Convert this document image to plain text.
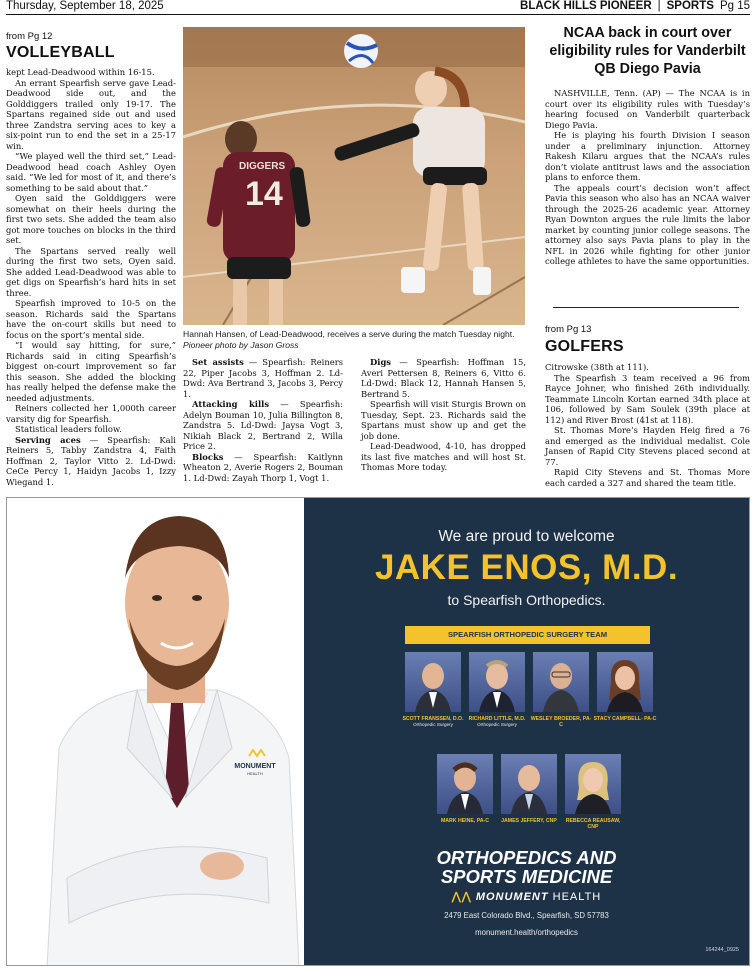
Thursday, September 18, 2025	BLACK HILLS PIONEER | SPORTS Pg 15
from Pg 12
VOLLEYBALL

kept Lead-Deadwood within 16-15.

An errant Spearfish serve gave Lead-Deadwood side out, and the Golddiggers trailed only 19-17. The Spartans regained side out and used three Zandstra serving aces to key a six-point run to end the set in a 25-17 win.

“We played well the third set,” Lead-Deadwood head coach Ashley Oyen said. “We led for most of it, and there’s something to be said about that.”

Oyen said the Golddiggers were somewhat on their heels during the first two sets. She added the team also got more touches on blocks in the third set.

The Spartans served really well during the first two sets, Oyen said. She added Lead-Deadwood was able to get digs on Spearfish’s hard hits in set three.

Spearfish improved to 10-5 on the season. Richards said the Spartans have the on-court skills but need to focus on the sport’s mental side.

“I would say hitting, for sure,” Richards said in citing Spearfish’s biggest on-court improvement so far this season. She added the blocking has really helped the defense make the needed adjustments.

Reiners collected her 1,000th career varsity dig for Spearfish.

Statistical leaders follow.

Serving aces — Spearfish: Kali Reiners 5, Tabby Zandstra 4, Faith Hoffman 2, Taylor Vitto 2. Ld-Dwd: CeCe Percy 1, Haidyn Jacobs 1, Izzy Wiegand 1.

DIGGERS
14
Hannah Hansen, of Lead-Deadwood, receives a serve during the match Tuesday night. Pioneer photo by Jason Gross

Set assists — Spearfish: Reiners 22, Piper Jacobs 3, Hoffman 2. Ld-Dwd: Ava Bertrand 3, Jacobs 3, Percy 1.

Attacking kills — Spearfish: Adelyn Bouman 10, Julia Billington 8, Zandstra 5. Ld-Dwd: Jaysa Vogt 3, Nikiah Black 2, Bertrand 2, Willa Price 2.

Blocks — Spearfish: Kaitlynn Wheaton 2, Averie Rogers 2, Bouman 1. Ld-Dwd: Zayah Thorp 1, Vogt 1.

Digs — Spearfish: Hoffman 15, Averi Pettersen 8, Reiners 6, Vitto 6. Ld-Dwd: Black 12, Hannah Hansen 5, Bertrand 5.

Spearfish will visit Sturgis Brown on Tuesday, Sept. 23. Richards said the Spartans must show up and get the job done.

Lead-Deadwood, 4-10, has dropped its last five matches and will host St. Thomas More today.

NCAA back in court over eligibility rules for Vanderbilt QB Diego Pavia

NASHVILLE, Tenn. (AP) — The NCAA is in court over its eligibility rules with Tuesday’s hearing focused on Vanderbilt quarterback Diego Pavia.

He is playing his fourth Division I season under a preliminary injunction. Attorney Rakesh Kilaru argues that the NCAA’s rules don’t violate antitrust laws and the association plans to enforce them.

The appeals court’s decision won’t affect Pavia this season who also has an NCAA waiver through the 2025-26 academic year. Attorney Ryan Downton argues the rule limits the labor market by counting junior college seasons. The attorney also says Pavia plans to play in the NFL in 2026 while fighting for other junior college athletes to have the same opportunities.

from Pg 13
GOLFERS

Citrowske (38th at 111).

The Spearfish 3 team received a 96 from Rayce Johner, who finished 26th individually. Teammate Lincoln Kortan earned 34th place at 106, followed by Sam Soulek (39th place at 112) and River Brost (41st at 118).

St. Thomas More’s Hayden Heig fired a 76 and emerged as the individual medalist. Cole Jansen of Rapid City Stevens placed second at 77.

Rapid City Stevens and St. Thomas More each carded a 327 and shared the team title.

MONUMENT
HEALTH
We are proud to welcome
JAKE ENOS, M.D.
to Spearfish Orthopedics.
SPEARFISH ORTHOPEDIC SURGERY TEAM
SCOTT FRANSSEN, D.O.
Orthopedic Surgery
RICHARD LITTLE, M.D.
Orthopedic Surgery
WESLEY BROEDER, PA-C
STACY CAMPBELL- PA-C
MARK HEINE, PA-C	JAMES JEFFERY, CNP	REBECCA REAUSAW, CNP
ORTHOPEDICS AND
SPORTS MEDICINE
⋀⋀ MONUMENT HEALTH
2479 East Colorado Blvd., Spearfish, SD 57783
monument.health/orthopedics
164244_0925
